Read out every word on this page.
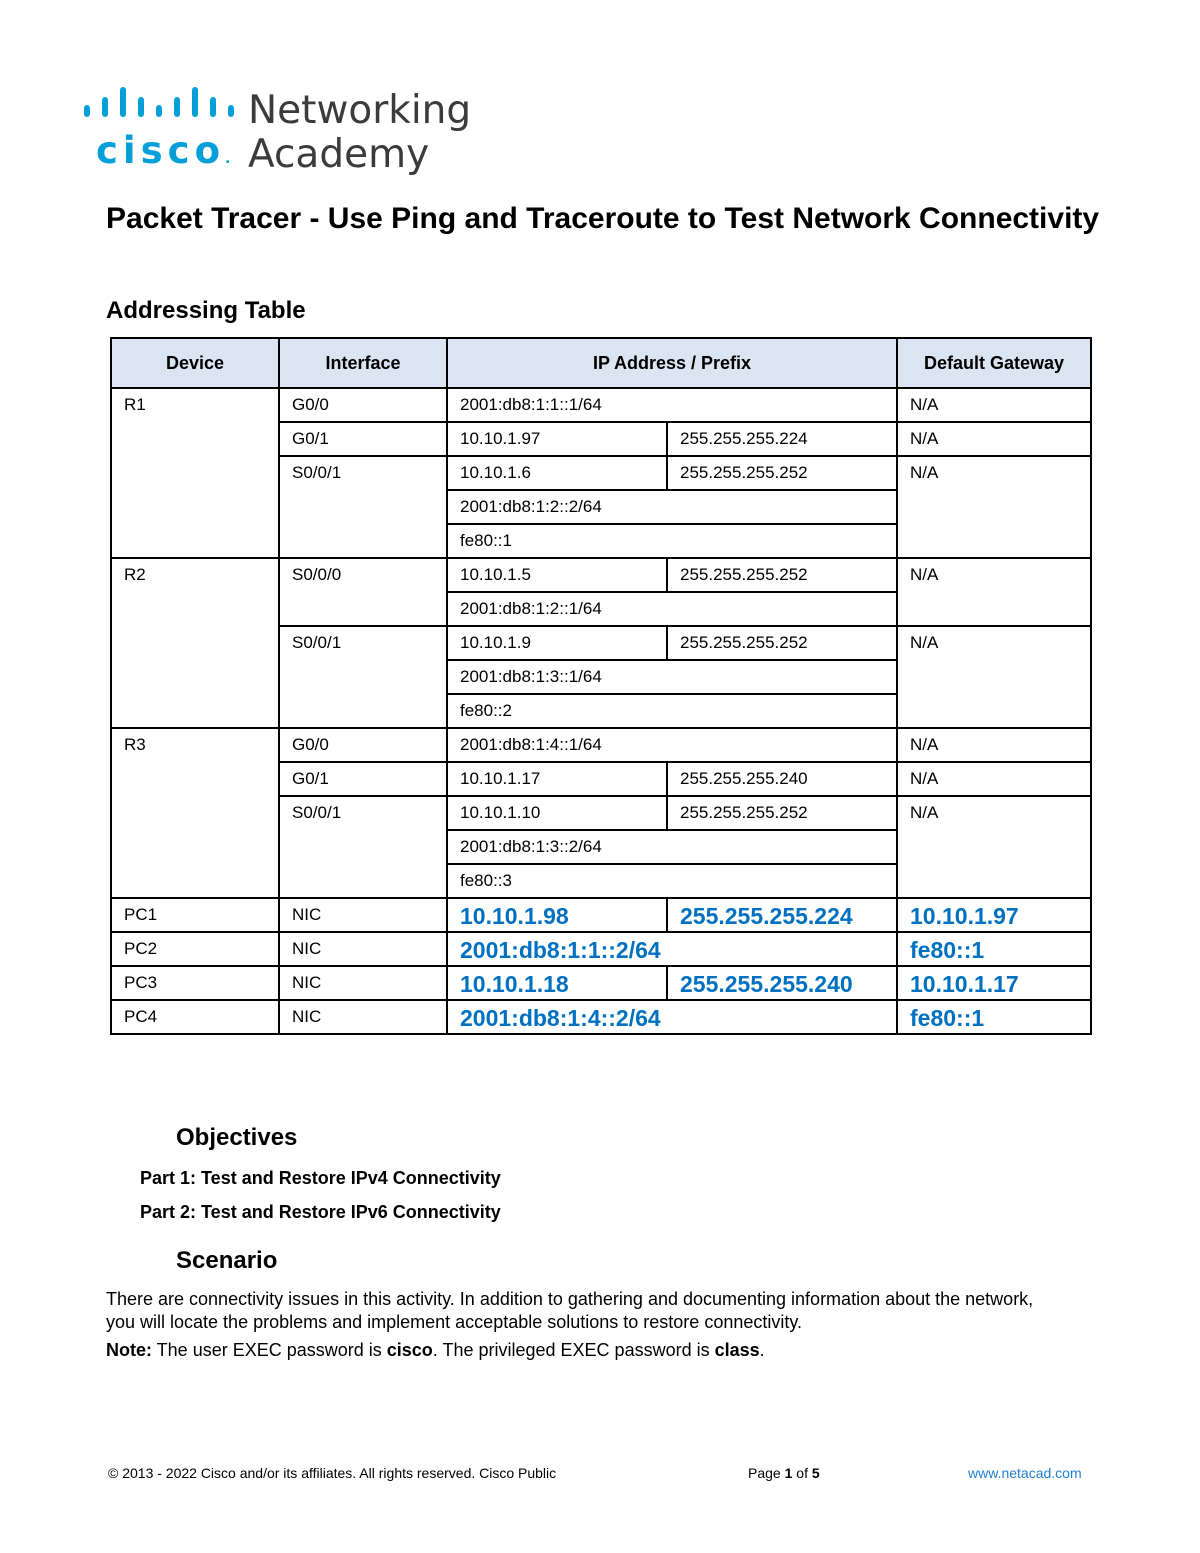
cisco.
Networking
Academy
Packet Tracer - Use Ping and Traceroute to Test Network Connectivity
Addressing Table
Device	Interface	IP Address / Prefix		Default Gateway
R1	G0/0	2001:db8:1:1::1/64		N/A
	G0/1	10.10.1.97	255.255.255.224	N/A
	S0/0/1	10.10.1.6	255.255.255.252	N/A
		2001:db8:1:2::2/64		
		fe80::1		
R2	S0/0/0	10.10.1.5	255.255.255.252	N/A
		2001:db8:1:2::1/64		
	S0/0/1	10.10.1.9	255.255.255.252	N/A
		2001:db8:1:3::1/64		
		fe80::2		
R3	G0/0	2001:db8:1:4::1/64		N/A
	G0/1	10.10.1.17	255.255.255.240	N/A
	S0/0/1	10.10.1.10	255.255.255.252	N/A
		2001:db8:1:3::2/64		
		fe80::3		
PC1	NIC	10.10.1.98	255.255.255.224	10.10.1.97
PC2	NIC	2001:db8:1:1::2/64		fe80::1
PC3	NIC	10.10.1.18	255.255.255.240	10.10.1.17
PC4	NIC	2001:db8:1:4::2/64		fe80::1
Objectives
Part 1: Test and Restore IPv4 Connectivity
Part 2: Test and Restore IPv6 Connectivity
Scenario
There are connectivity issues in this activity. In addition to gathering and documenting information about the network, you will locate the problems and implement acceptable solutions to restore connectivity.
Note: The user EXEC password is cisco. The privileged EXEC password is class.
© 2013 - 2022 Cisco and/or its affiliates. All rights reserved. Cisco Public	Page 1 of 5	www.netacad.com
